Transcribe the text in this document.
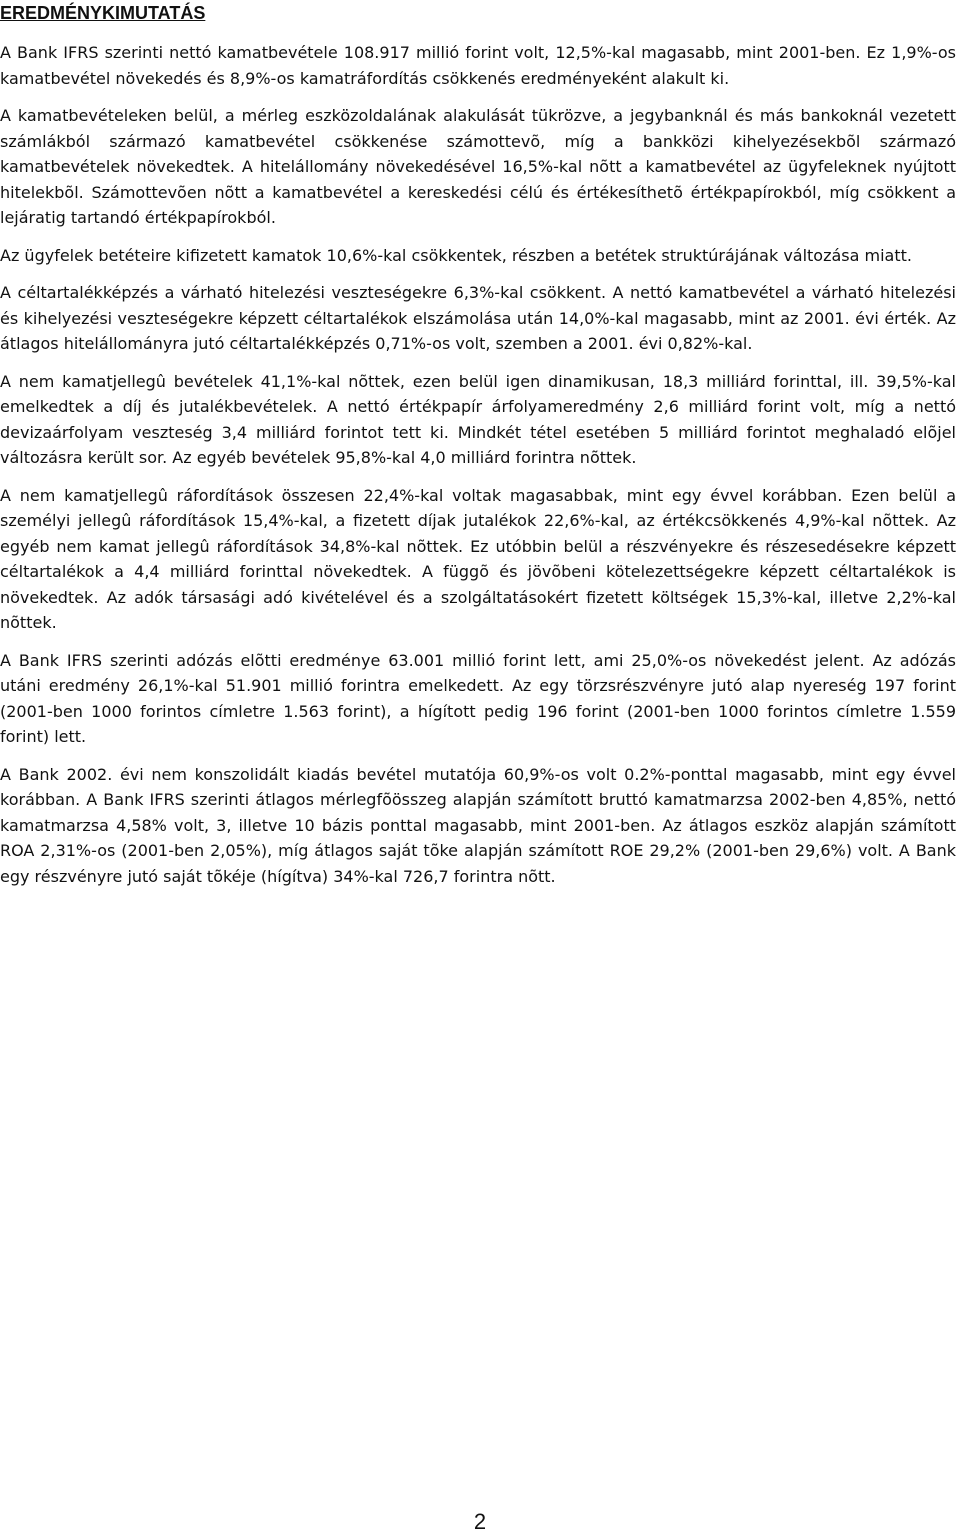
EREDMÉNYKIMUTATÁS

A Bank IFRS szerinti nettó kamatbevétele 108.917 millió forint volt, 12,5%-kal magasabb, mint 2001-ben. Ez 1,9%-os kamatbevétel növekedés és 8,9%-os kamatráfordítás csökkenés eredményeként alakult ki.

A kamatbevételeken belül, a mérleg eszközoldalának alakulását tükrözve, a jegybanknál és más bankoknál vezetett számlákból származó kamatbevétel csökkenése számottevõ, míg a bankközi kihelyezésekbõl származó kamatbevételek növekedtek. A hitelállomány növekedésével 16,5%-kal nõtt a kamatbevétel az ügyfeleknek nyújtott hitelekbõl. Számottevõen nõtt a kamatbevétel a kereskedési célú és értékesíthetõ értékpapírokból, míg csökkent a lejáratig tartandó értékpapírokból.

Az ügyfelek betéteire kifizetett kamatok 10,6%-kal csökkentek, részben a betétek struktúrájának változása miatt.

A céltartalékképzés a várható hitelezési veszteségekre 6,3%-kal csökkent. A nettó kamatbevétel a várható hitelezési és kihelyezési veszteségekre képzett céltartalékok elszámolása után 14,0%-kal magasabb, mint az 2001. évi érték. Az átlagos hitelállományra jutó céltartalékképzés 0,71%-os volt, szemben a 2001. évi 0,82%-kal.

A nem kamatjellegû bevételek 41,1%-kal nõttek, ezen belül igen dinamikusan, 18,3 milliárd forinttal, ill. 39,5%-kal emelkedtek a díj és jutalékbevételek. A nettó értékpapír árfolyameredmény 2,6 milliárd forint volt, míg a nettó devizaárfolyam veszteség 3,4 milliárd forintot tett ki. Mindkét tétel esetében 5 milliárd forintot meghaladó elõjel változásra került sor. Az egyéb bevételek 95,8%-kal 4,0 milliárd forintra nõttek.

A nem kamatjellegû ráfordítások összesen 22,4%-kal voltak magasabbak, mint egy évvel korábban. Ezen belül a személyi jellegû ráfordítások 15,4%-kal, a fizetett díjak jutalékok 22,6%-kal, az értékcsökkenés 4,9%-kal nõttek. Az egyéb nem kamat jellegû ráfordítások 34,8%-kal nõttek. Ez utóbbin belül a részvényekre és részesedésekre képzett céltartalékok a 4,4 milliárd forinttal növekedtek. A függõ és jövõbeni kötelezettségekre képzett céltartalékok is növekedtek. Az adók társasági adó kivételével és a szolgáltatásokért fizetett költségek 15,3%-kal, illetve 2,2%-kal nõttek.

A Bank IFRS szerinti adózás elõtti eredménye 63.001 millió forint lett, ami 25,0%-os növekedést jelent. Az adózás utáni eredmény 26,1%-kal 51.901 millió forintra emelkedett. Az egy törzsrészvényre jutó alap nyereség 197 forint (2001-ben 1000 forintos címletre 1.563 forint), a hígított pedig 196 forint (2001-ben 1000 forintos címletre 1.559 forint) lett.

A Bank 2002. évi nem konszolidált kiadás bevétel mutatója 60,9%-os volt 0.2%-ponttal magasabb, mint egy évvel korábban. A Bank IFRS szerinti átlagos mérlegfõösszeg alapján számított bruttó kamatmarzsa 2002-ben 4,85%, nettó kamatmarzsa 4,58% volt, 3, illetve 10 bázis ponttal magasabb, mint 2001-ben. Az átlagos eszköz alapján számított ROA 2,31%-os (2001-ben 2,05%), míg átlagos saját tõke alapján számított ROE 29,2% (2001-ben 29,6%) volt. A Bank egy részvényre jutó saját tõkéje (hígítva) 34%-kal 726,7 forintra nõtt.

2
